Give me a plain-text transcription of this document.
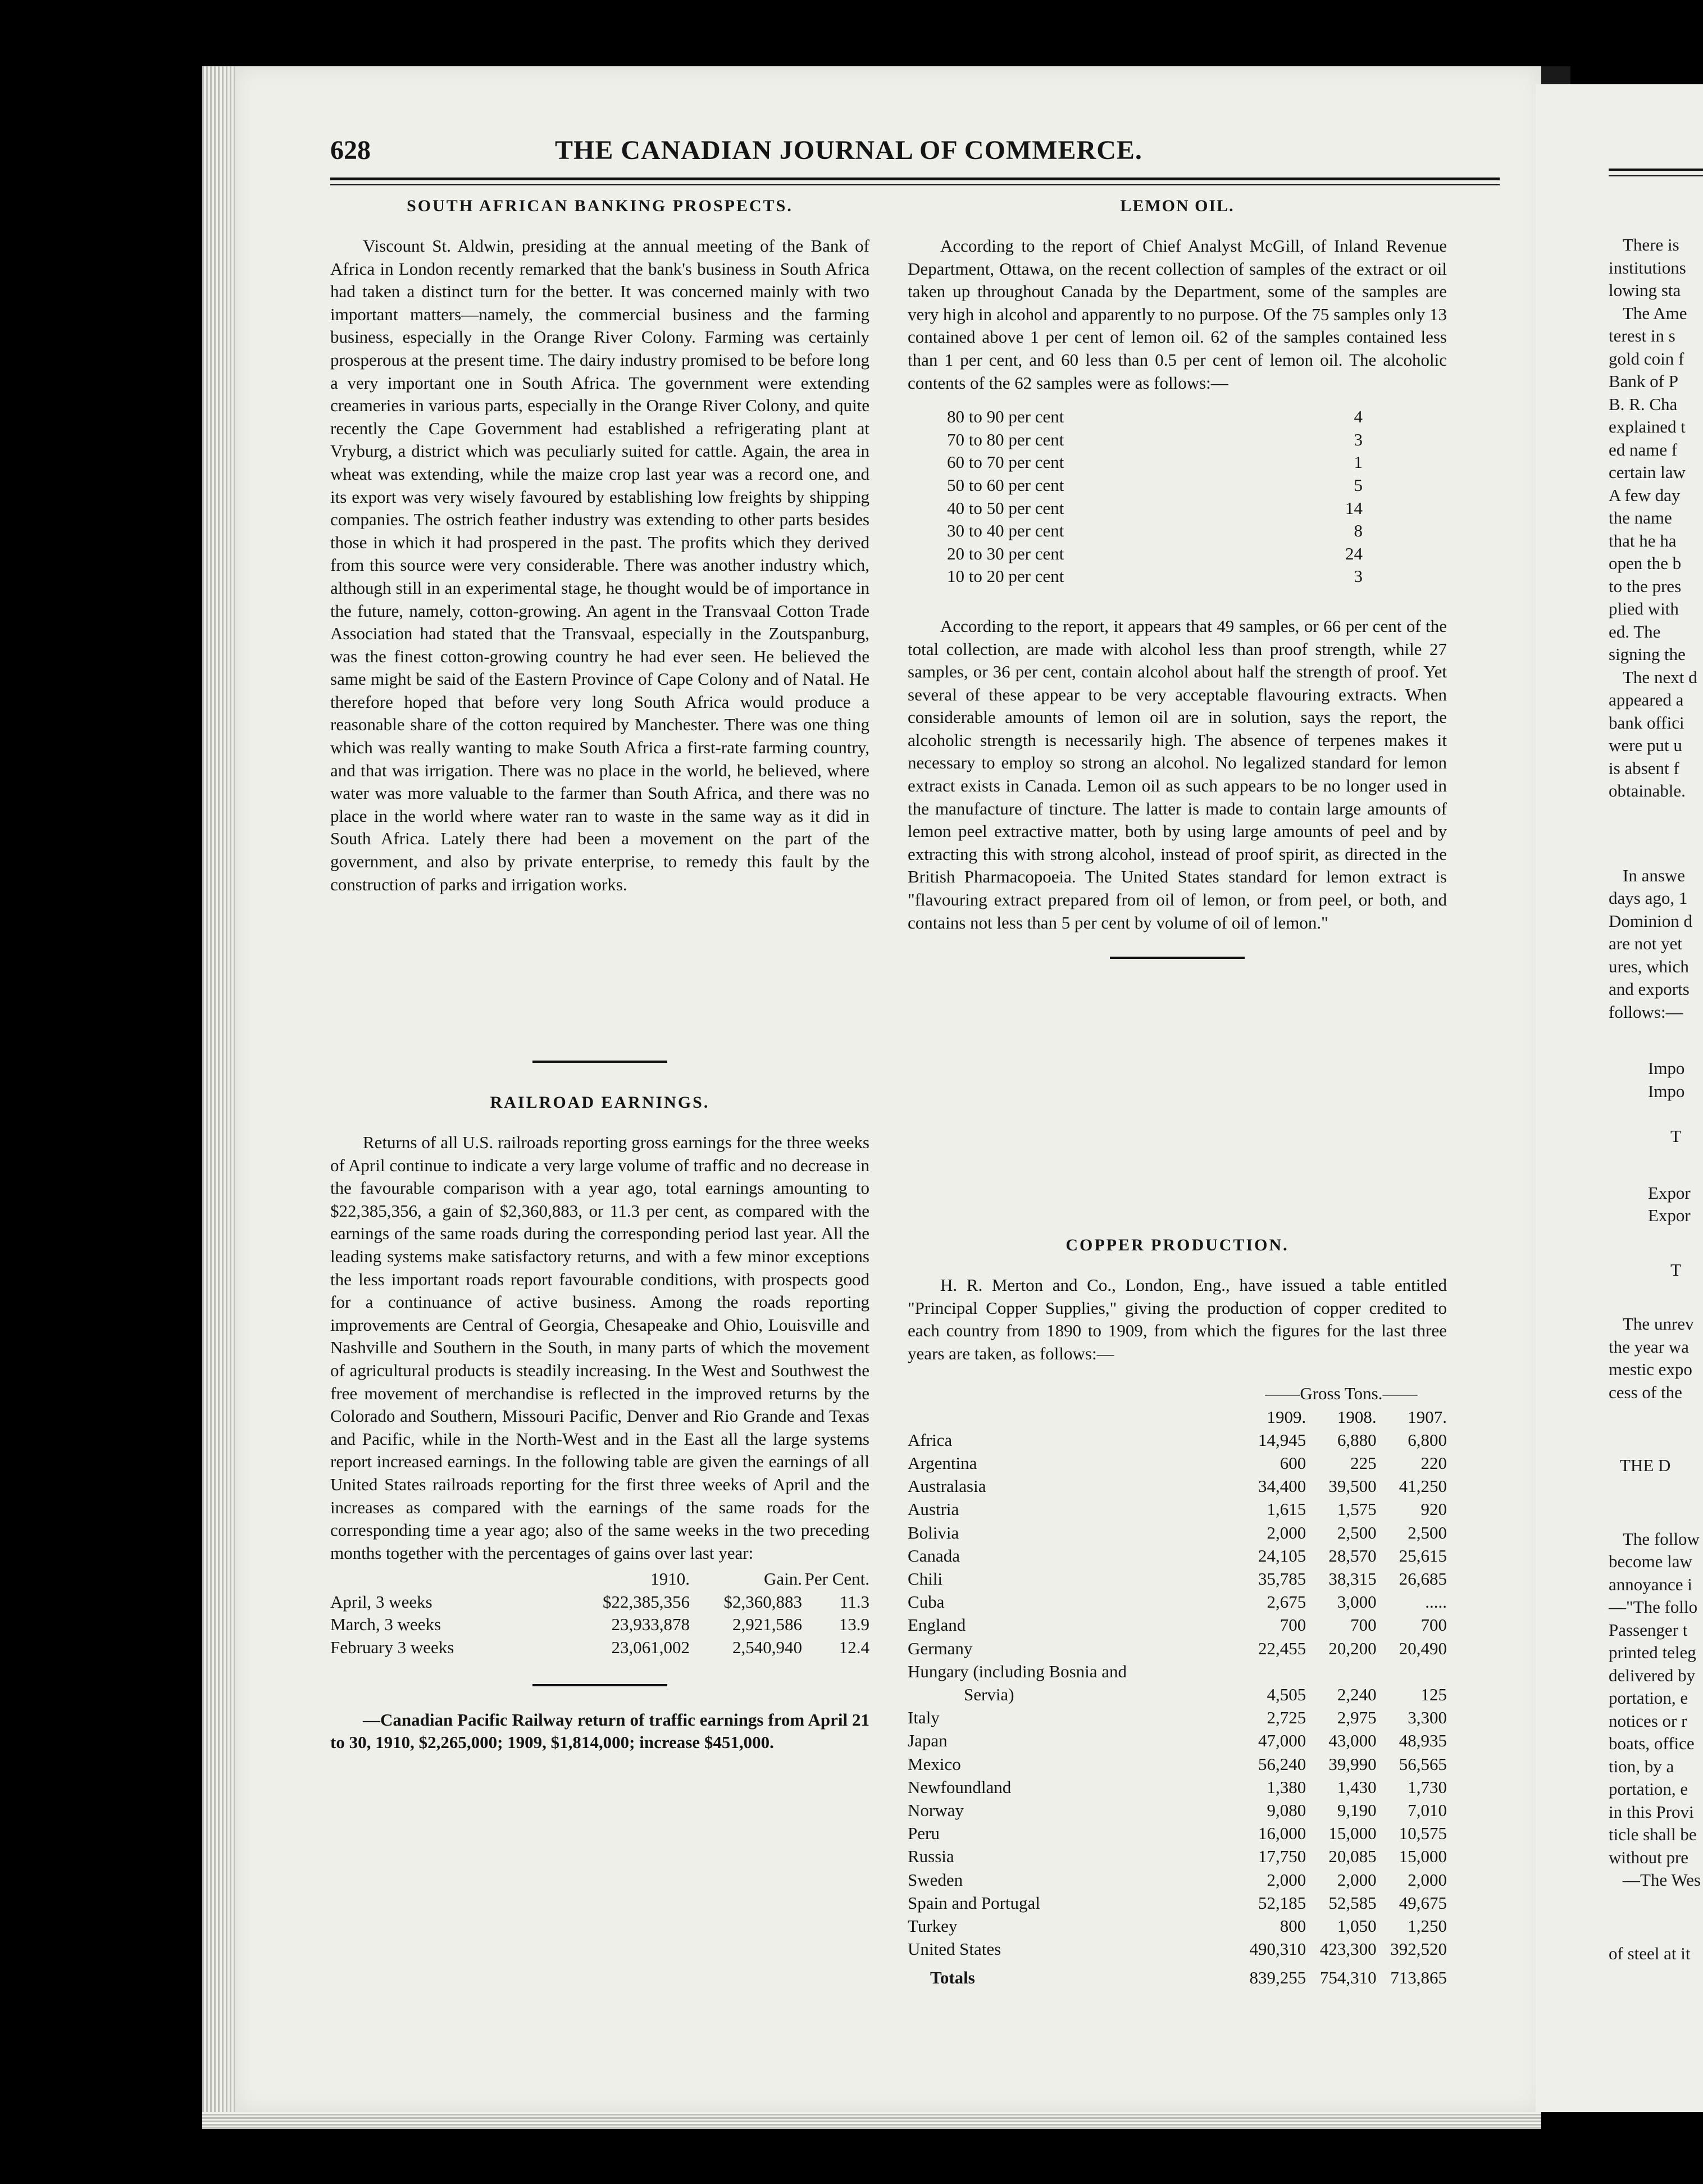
628	THE CANADIAN JOURNAL OF COMMERCE.
SOUTH AFRICAN BANKING PROSPECTS.

Viscount St. Aldwin, presiding at the annual meeting of the Bank of Africa in London recently remarked that the bank's business in South Africa had taken a distinct turn for the better. It was concerned mainly with two important matters—namely, the commercial business and the farming business, especially in the Orange River Colony. Farming was certainly prosperous at the present time. The dairy industry promised to be before long a very important one in South Africa. The government were extending creameries in various parts, especially in the Orange River Colony, and quite recently the Cape Government had established a refrigerating plant at Vryburg, a district which was peculiarly suited for cattle. Again, the area in wheat was extending, while the maize crop last year was a record one, and its export was very wisely favoured by establishing low freights by shipping companies. The ostrich feather industry was extending to other parts besides those in which it had prospered in the past. The profits which they derived from this source were very considerable. There was another industry which, although still in an experimental stage, he thought would be of importance in the future, namely, cotton-growing. An agent in the Transvaal Cotton Trade Association had stated that the Transvaal, especially in the Zoutspanburg, was the finest cotton-growing country he had ever seen. He believed the same might be said of the Eastern Province of Cape Colony and of Natal. He therefore hoped that before very long South Africa would produce a reasonable share of the cotton required by Manchester. There was one thing which was really wanting to make South Africa a first-rate farming country, and that was irrigation. There was no place in the world, he believed, where water was more valuable to the farmer than South Africa, and there was no place in the world where water ran to waste in the same way as it did in South Africa. Lately there had been a movement on the part of the government, and also by private enterprise, to remedy this fault by the construction of parks and irrigation works.

RAILROAD EARNINGS.

Returns of all U.S. railroads reporting gross earnings for the three weeks of April continue to indicate a very large volume of traffic and no decrease in the favourable comparison with a year ago, total earnings amounting to $22,385,356, a gain of $2,360,883, or 11.3 per cent, as compared with the earnings of the same roads during the corresponding period last year. All the leading systems make satisfactory returns, and with a few minor exceptions the less important roads report favourable conditions, with prospects good for a continuance of active business. Among the roads reporting improvements are Central of Georgia, Chesapeake and Ohio, Louisville and Nashville and Southern in the South, in many parts of which the movement of agricultural products is steadily increasing. In the West and Southwest the free movement of merchandise is reflected in the improved returns by the Colorado and Southern, Missouri Pacific, Denver and Rio Grande and Texas and Pacific, while in the North-West and in the East all the large systems report increased earnings. In the following table are given the earnings of all United States railroads reporting for the first three weeks of April and the increases as compared with the earnings of the same roads for the corresponding time a year ago; also of the same weeks in the two preceding months together with the percentages of gains over last year:

	1910.	Gain.	Per Cent.
April, 3 weeks	$22,385,356	$2,360,883	11.3
March, 3 weeks	23,933,878	2,921,586	13.9
February 3 weeks	23,061,002	2,540,940	12.4

—Canadian Pacific Railway return of traffic earnings from April 21 to 30, 1910, $2,265,000; 1909, $1,814,000; increase $451,000.

LEMON OIL.

According to the report of Chief Analyst McGill, of Inland Revenue Department, Ottawa, on the recent collection of samples of the extract or oil taken up throughout Canada by the Department, some of the samples are very high in alcohol and apparently to no purpose. Of the 75 samples only 13 contained above 1 per cent of lemon oil. 62 of the samples contained less than 1 per cent, and 60 less than 0.5 per cent of lemon oil. The alcoholic contents of the 62 samples were as follows:—

80 to 90 per cent	4
70 to 80 per cent	3
60 to 70 per cent	1
50 to 60 per cent	5
40 to 50 per cent	14
30 to 40 per cent	8
20 to 30 per cent	24
10 to 20 per cent	3

According to the report, it appears that 49 samples, or 66 per cent of the total collection, are made with alcohol less than proof strength, while 27 samples, or 36 per cent, contain alcohol about half the strength of proof. Yet several of these appear to be very acceptable flavouring extracts. When considerable amounts of lemon oil are in solution, says the report, the alcoholic strength is necessarily high. The absence of terpenes makes it necessary to employ so strong an alcohol. No legalized standard for lemon extract exists in Canada. Lemon oil as such appears to be no longer used in the manufacture of tincture. The latter is made to contain large amounts of lemon peel extractive matter, both by using large amounts of peel and by extracting this with strong alcohol, instead of proof spirit, as directed in the British Pharmacopoeia. The United States standard for lemon extract is "flavouring extract prepared from oil of lemon, or from peel, or both, and contains not less than 5 per cent by volume of oil of lemon."

COPPER PRODUCTION.

H. R. Merton and Co., London, Eng., have issued a table entitled "Principal Copper Supplies," giving the production of copper credited to each country from 1890 to 1909, from which the figures for the last three years are taken, as follows:—

	——Gross Tons.——		
	1909.	1908.	1907.
Africa	14,945	6,880	6,800
Argentina	600	225	220
Australasia	34,400	39,500	41,250
Austria	1,615	1,575	920
Bolivia	2,000	2,500	2,500
Canada	24,105	28,570	25,615
Chili	35,785	38,315	26,685
Cuba	2,675	3,000	.....
England	700	700	700
Germany	22,455	20,200	20,490
Hungary (including Bosnia and			
Servia)	4,505	2,240	125
Italy	2,725	2,975	3,300
Japan	47,000	43,000	48,935
Mexico	56,240	39,990	56,565
Newfoundland	1,380	1,430	1,730
Norway	9,080	9,190	7,010
Peru	16,000	15,000	10,575
Russia	17,750	20,085	15,000
Sweden	2,000	2,000	2,000
Spain and Portugal	52,185	52,585	49,675
Turkey	800	1,050	1,250
United States	490,310	423,300	392,520
Totals	839,255	754,310	713,865
There is
institutions
lowing sta
The Ame
terest in s
gold coin f
Bank of P
B. R. Cha
explained t
ed name f
certain law
A few day
the name
that he ha
open the b
to the pres
plied with
ed. The
signing the
The next d
appeared a
bank offici
were put u
is absent f
obtainable.
In answe
days ago, 1
Dominion d
are not yet
ures, which
and exports
follows:—
Impo
Impo
T
Expor
Expor
T
The unrev
the year wa
mestic expo
cess of the
THE D
The follow
become law
annoyance i
—"The follo
Passenger t
printed teleg
delivered by
portation, e
notices or r
boats, office
tion, by a
portation, e
in this Provi
ticle shall be
without pre
—The Wes
of steel at it
